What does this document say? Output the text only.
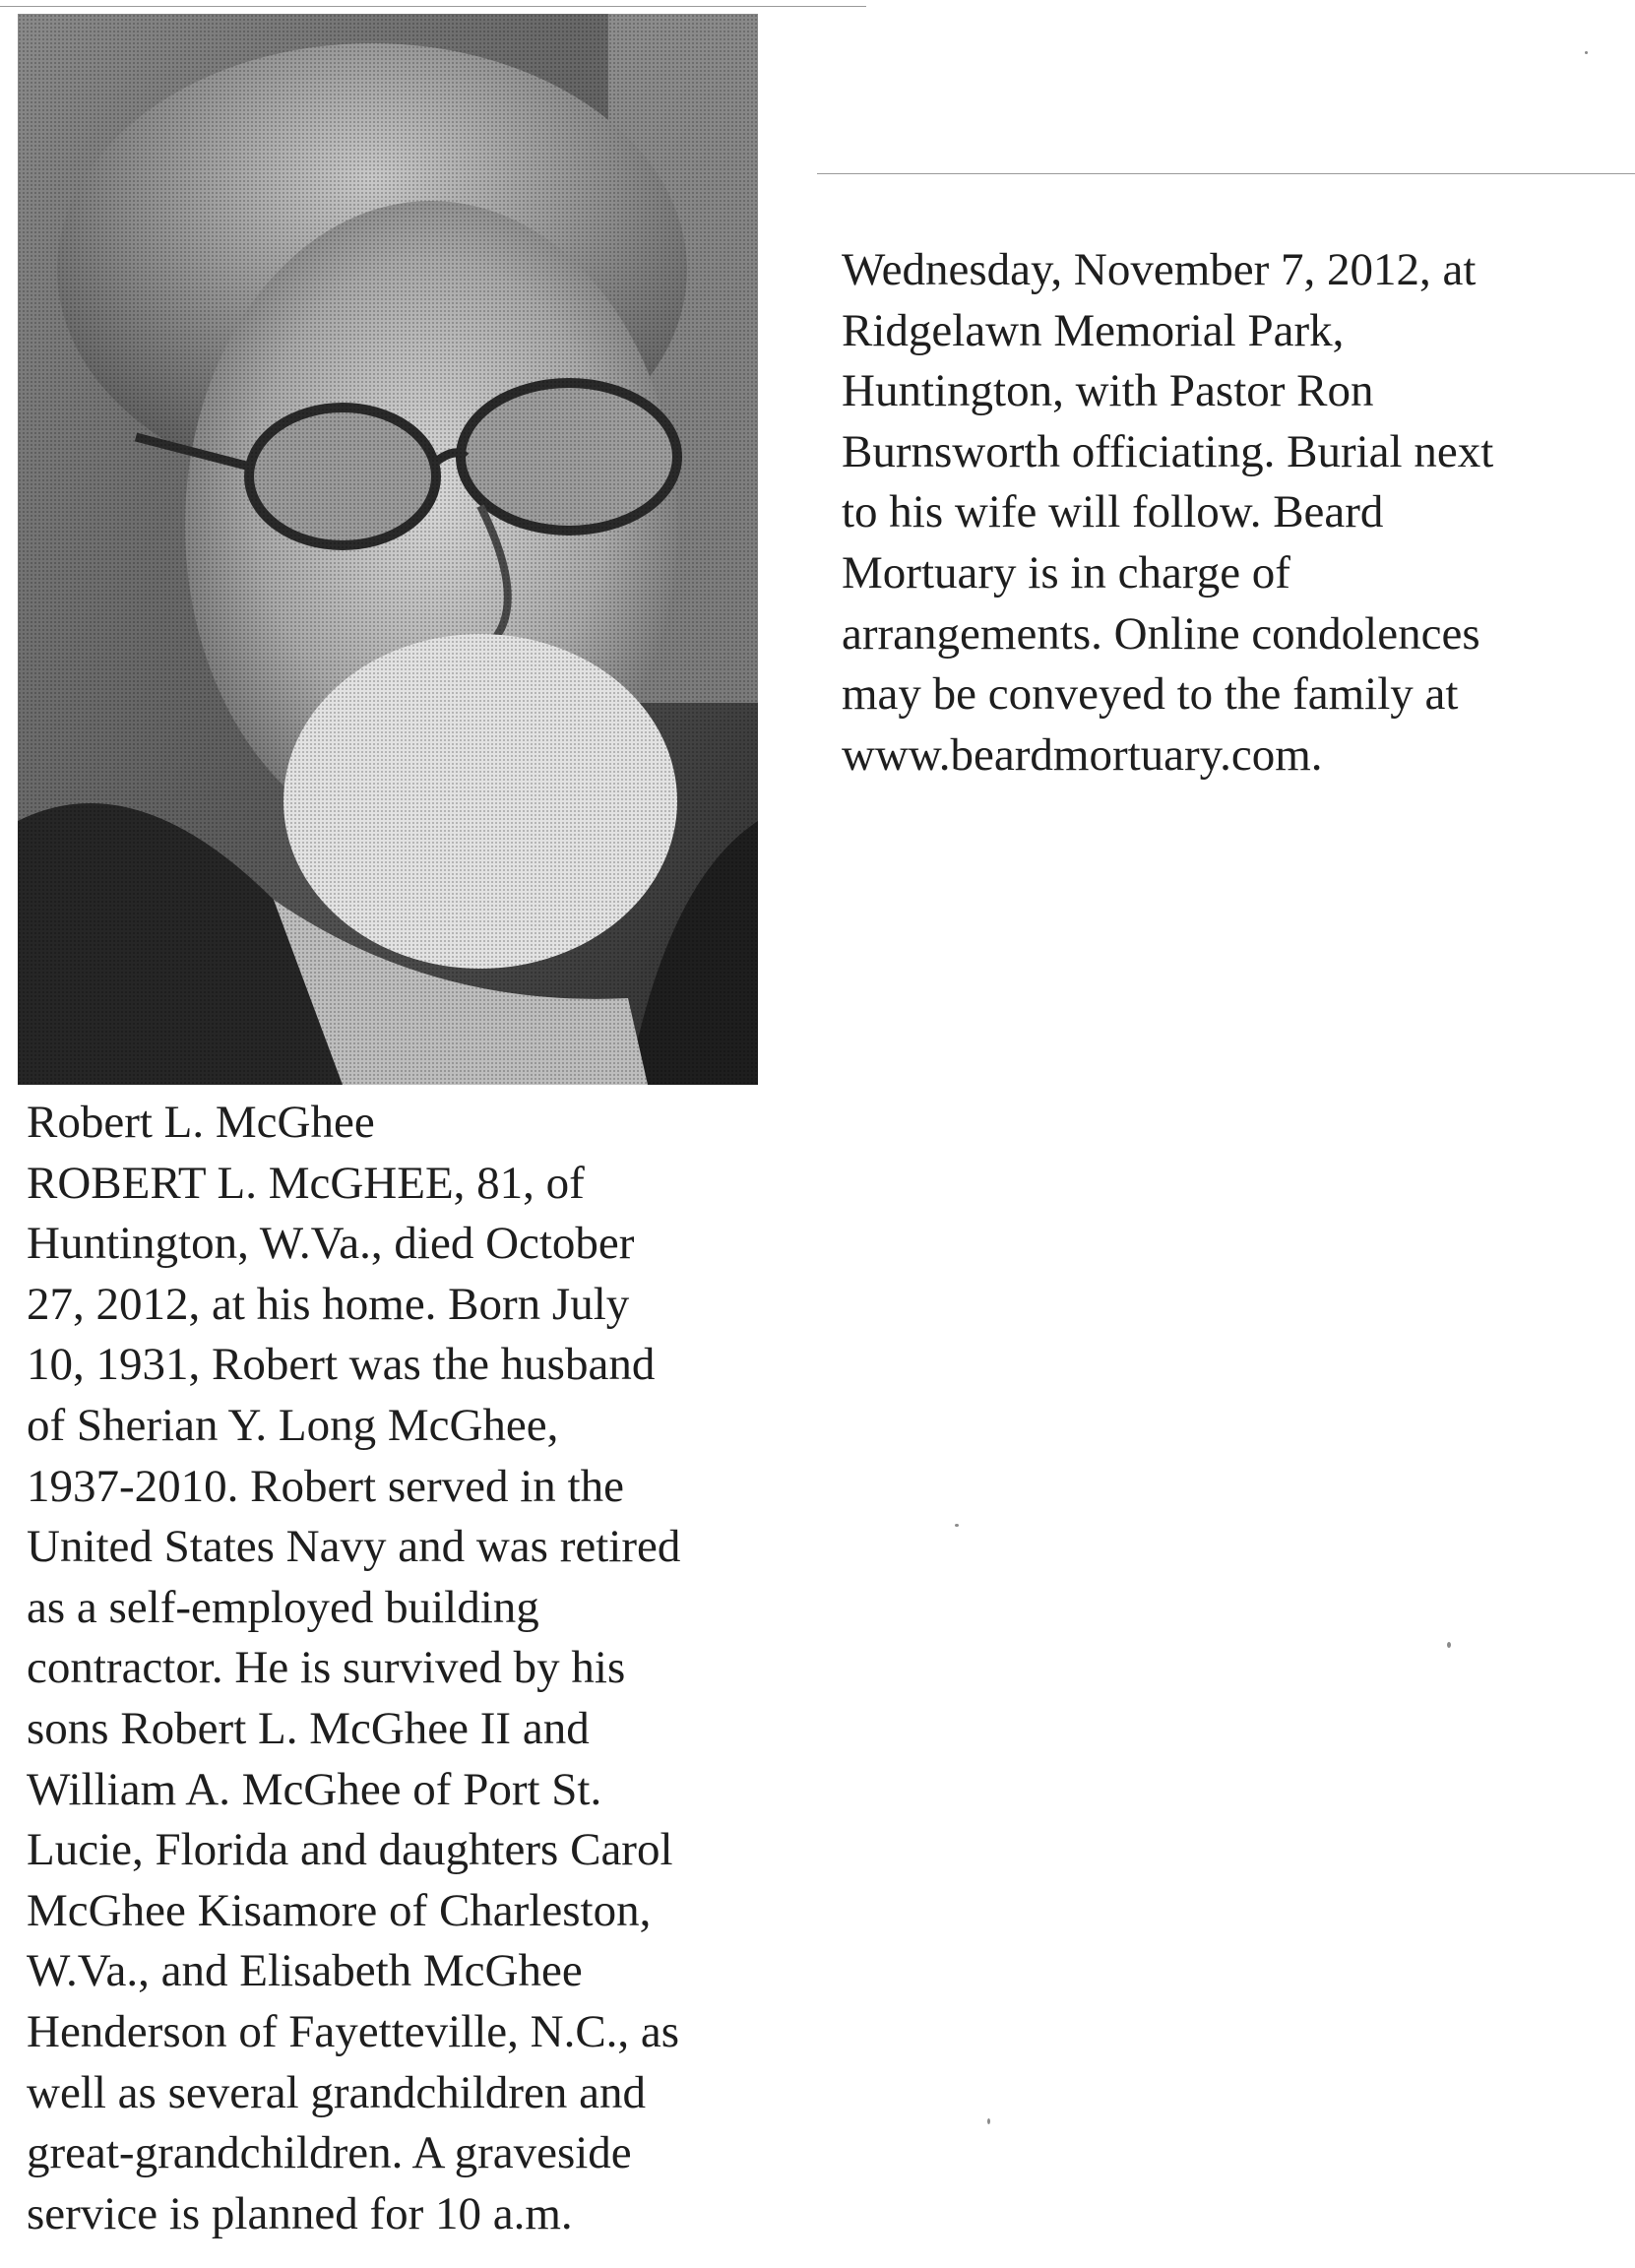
Wednesday, November 7, 2012, at
Ridgelawn Memorial Park,
Huntington, with Pastor Ron
Burnsworth officiating. Burial next
to his wife will follow. Beard
Mortuary is in charge of
arrangements. Online condolences
may be conveyed to the family at
www.beardmortuary.com.
Robert L. McGhee
ROBERT L. McGHEE, 81, of
Huntington, W.Va., died October
27, 2012, at his home. Born July
10, 1931, Robert was the husband
of Sherian Y. Long McGhee,
1937-2010. Robert served in the
United States Navy and was retired
as a self-employed building
contractor. He is survived by his
sons Robert L. McGhee II and
William A. McGhee of Port St.
Lucie, Florida and daughters Carol
McGhee Kisamore of Charleston,
W.Va., and Elisabeth McGhee
Henderson of Fayetteville, N.C., as
well as several grandchildren and
great-grandchildren. A graveside
service is planned for 10 a.m.
